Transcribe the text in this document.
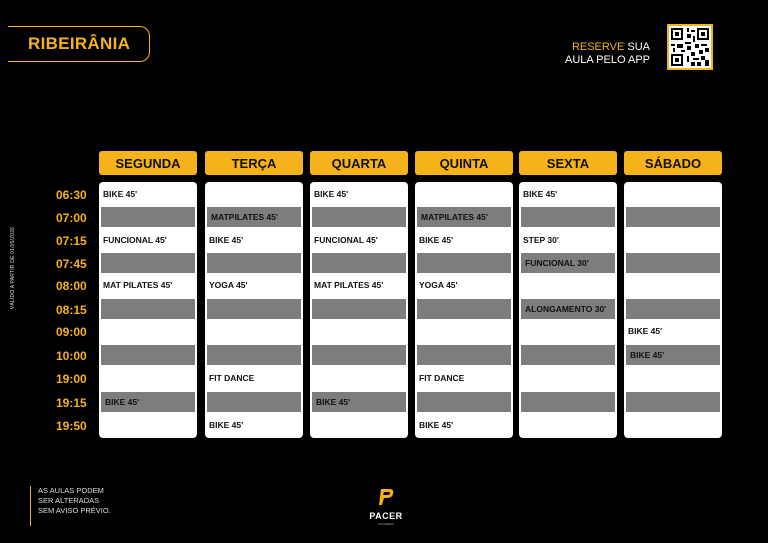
RIBEIRÂNIA	RESERVE SUA
AULA PELO APP
VÁLIDO A PARTIR DE 01/05/2026
06:30
07:00
07:15
07:45
08:00
08:15
09:00
10:00
19:00
19:15
19:50
SEGUNDA
BIKE 45'
FUNCIONAL 45'
MAT PILATES 45'
BIKE 45'
TERÇA
MATPILATES 45'
BIKE 45'
YOGA 45'
FIT DANCE
BIKE 45'
QUARTA
BIKE 45'
FUNCIONAL 45'
MAT PILATES 45'
BIKE 45'
QUINTA
MATPILATES 45'
BIKE 45'
YOGA 45'
FIT DANCE
BIKE 45'
SEXTA
BIKE 45'
STEP 30'
FUNCIONAL 30'
ALONGAMENTO 30'
SÁBADO
BIKE 45'
BIKE 45'
AS AULAS PODEM
SER ALTERADAS
SEM AVISO PRÉVIO.
PACER
ACADEMIA
